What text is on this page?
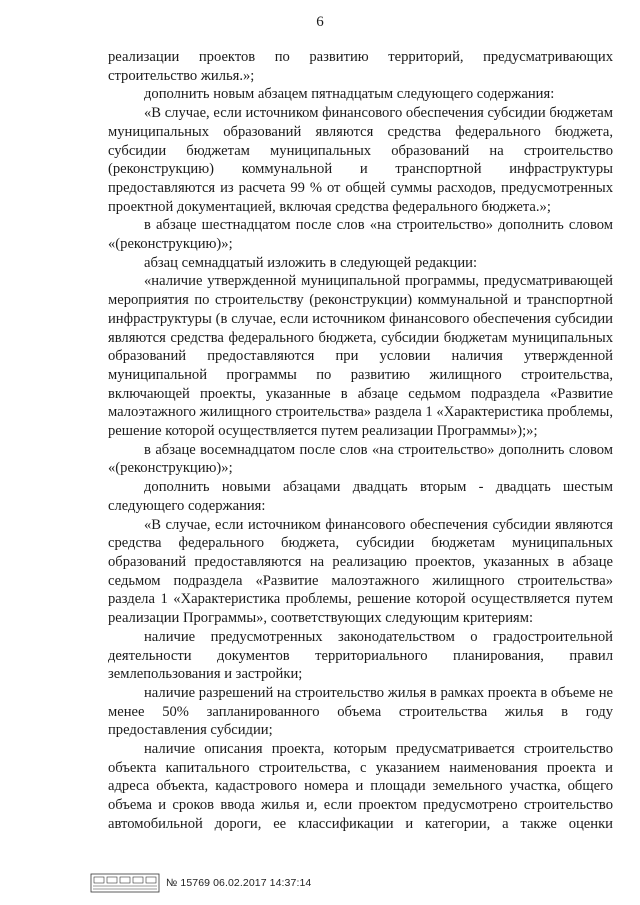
6

реализации проектов по развитию территорий, предусматривающих строительство жилья.»;

дополнить новым абзацем пятнадцатым следующего содержания:

«В случае, если источником финансового обеспечения субсидии бюджетам муниципальных образований являются средства федерального бюджета, субсидии бюджетам муниципальных образований на строительство (реконструкцию) коммунальной и транспортной инфраструктуры предоставляются из расчета 99 % от общей суммы расходов, предусмотренных проектной документацией, включая средства федерального бюджета.»;

в абзаце шестнадцатом после слов «на строительство» дополнить словом «(реконструкцию)»;

абзац семнадцатый изложить в следующей редакции:

«наличие утвержденной муниципальной программы, предусматривающей мероприятия по строительству (реконструкции) коммунальной и транспортной инфраструктуры (в случае, если источником финансового обеспечения субсидии являются средства федерального бюджета, субсидии бюджетам муниципальных образований предоставляются при условии наличия утвержденной муниципальной программы по развитию жилищного строительства, включающей проекты, указанные в абзаце седьмом подраздела «Развитие малоэтажного жилищного строительства» раздела 1 «Характеристика проблемы, решение которой осуществляется путем реализации Программы»);»;

в абзаце восемнадцатом после слов «на строительство» дополнить словом «(реконструкцию)»;

дополнить новыми абзацами двадцать вторым - двадцать шестым следующего содержания:

«В случае, если источником финансового обеспечения субсидии являются средства федерального бюджета, субсидии бюджетам муниципальных образований предоставляются на реализацию проектов, указанных в абзаце седьмом подраздела «Развитие малоэтажного жилищного строительства» раздела 1 «Характеристика проблемы, решение которой осуществляется путем реализации Программы», соответствующих следующим критериям:

наличие предусмотренных законодательством о градостроительной деятельности документов территориального планирования, правил землепользования и застройки;

наличие разрешений на строительство жилья в рамках проекта в объеме не менее 50% запланированного объема строительства жилья в году предоставления субсидии;

наличие описания проекта, которым предусматривается строительство объекта капитального строительства, с указанием наименования проекта и адреса объекта, кадастрового номера и площади земельного участка, общего объема и сроков ввода жилья и, если проектом предусмотрено строительство автомобильной дороги, ее классификации и категории, а также оценки

№ 15769 06.02.2017 14:37:14
